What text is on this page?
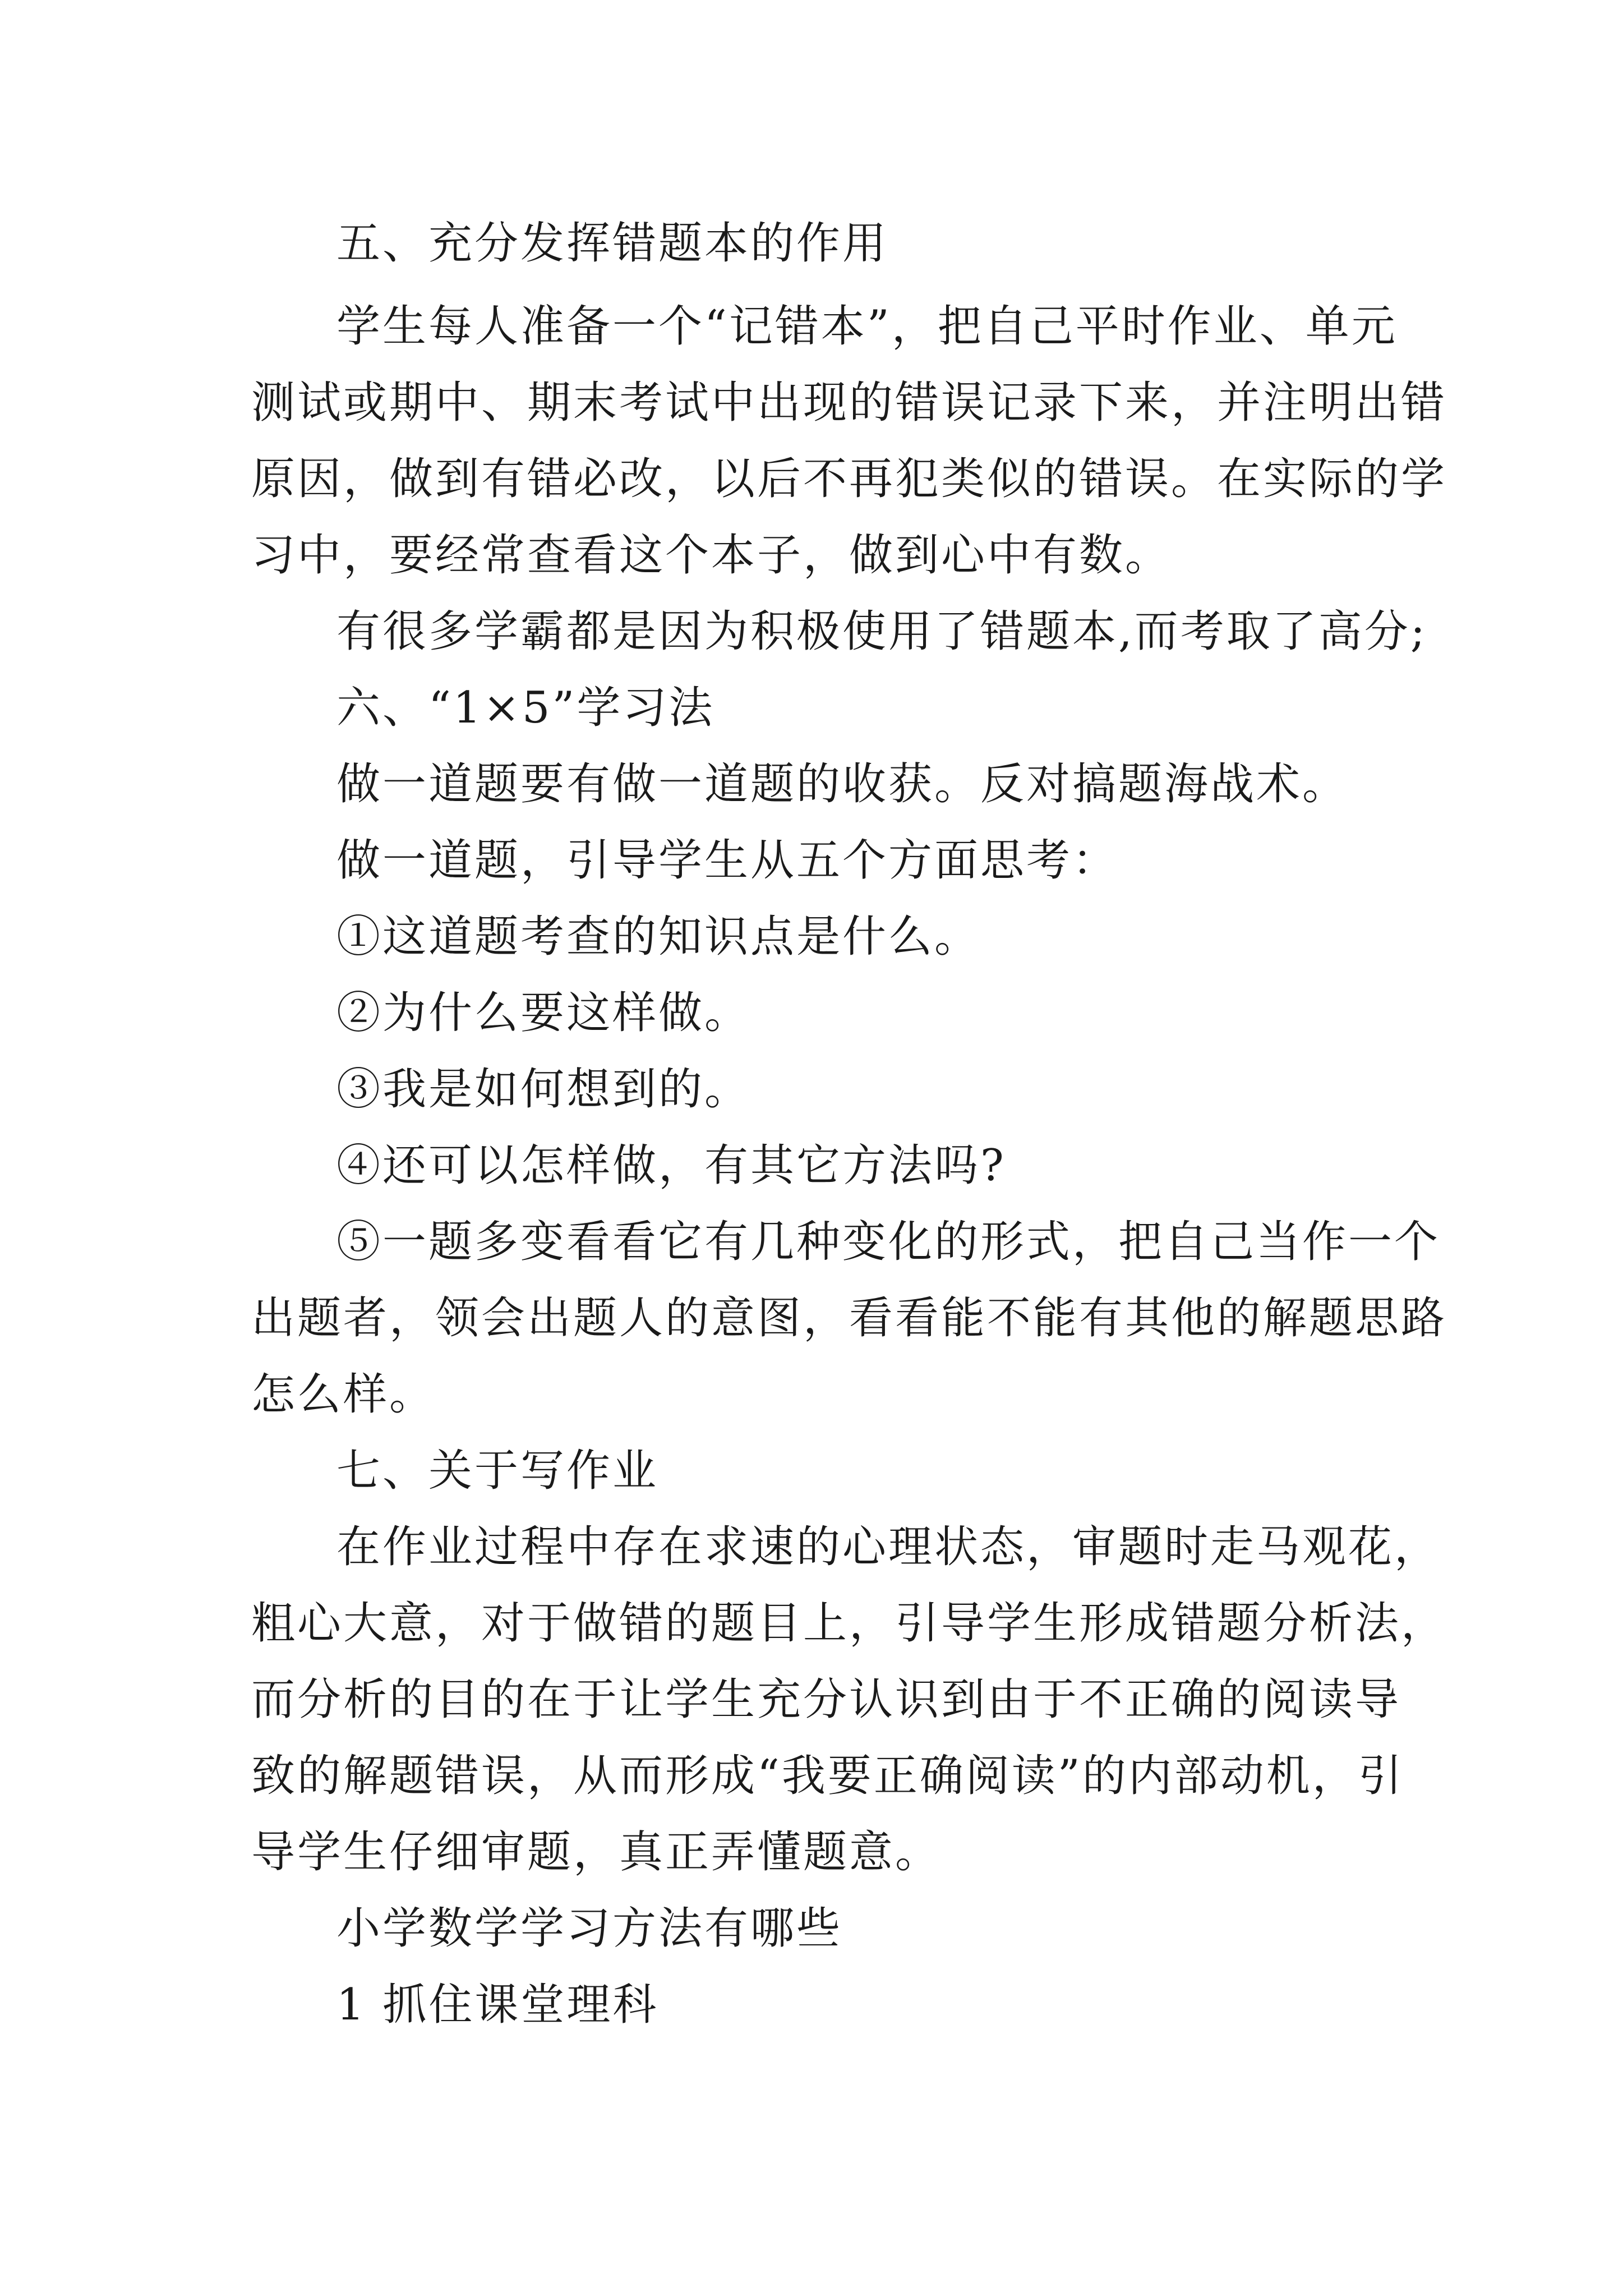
五、充分发挥错题本的作用
学生每人准备一个“记错本”，把自己平时作业、单元
测试或期中、期末考试中出现的错误记录下来，并注明出错
原因，做到有错必改，以后不再犯类似的错误。在实际的学
习中，要经常查看这个本子，做到心中有数。
有很多学霸都是因为积极使用了错题本,而考取了高分;
六、“1×5”学习法
做一道题要有做一道题的收获。反对搞题海战术。
做一道题，引导学生从五个方面思考：
①这道题考查的知识点是什么。
②为什么要这样做。
③我是如何想到的。
④还可以怎样做，有其它方法吗?
⑤一题多变看看它有几种变化的形式，把自己当作一个
出题者，领会出题人的意图，看看能不能有其他的解题思路
怎么样。
七、关于写作业
在作业过程中存在求速的心理状态，审题时走马观花，
粗心大意，对于做错的题目上，引导学生形成错题分析法，
而分析的目的在于让学生充分认识到由于不正确的阅读导
致的解题错误，从而形成“我要正确阅读”的内部动机，引
导学生仔细审题，真正弄懂题意。
小学数学学习方法有哪些
1 抓住课堂理科
